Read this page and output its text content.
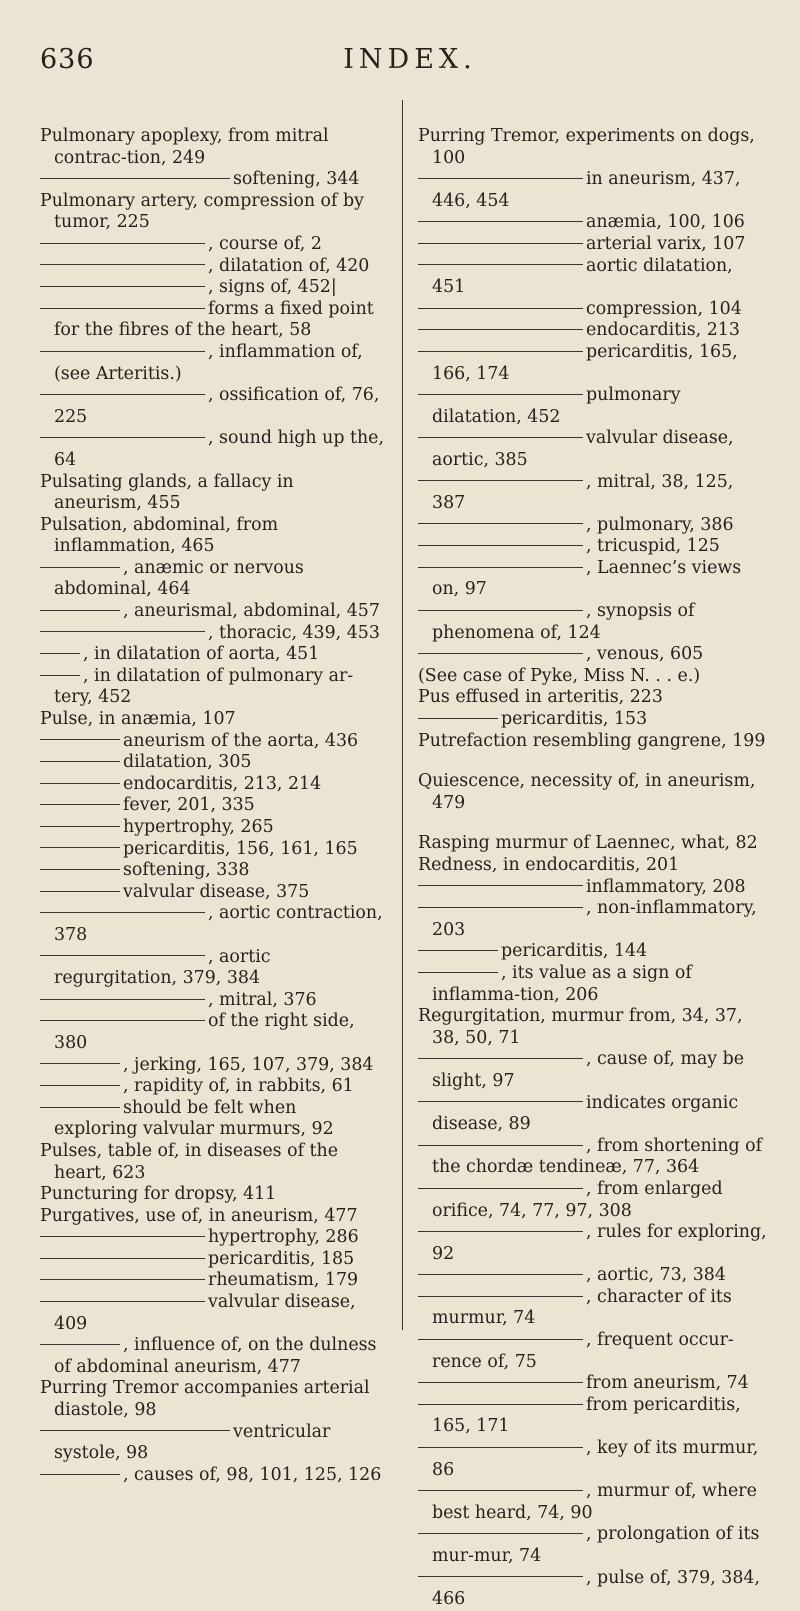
636	INDEX.
Pulmonary apoplexy, from mitral contrac-tion, 249
softening, 344
Pulmonary artery, compression of by tumor, 225
, course of, 2
, dilatation of, 420
, signs of, 452|
forms a fixed point for the fibres of the heart, 58
, inflammation of, (see Arteritis.)
, ossification of, 76, 225
, sound high up the, 64
Pulsating glands, a fallacy in aneurism, 455
Pulsation, abdominal, from inflammation, 465
, anæmic or nervous abdominal, 464
, aneurismal, abdominal, 457
, thoracic, 439, 453
, in dilatation of aorta, 451
, in dilatation of pulmonary ar-tery, 452
Pulse, in anæmia, 107
aneurism of the aorta, 436
dilatation, 305
endocarditis, 213, 214
fever, 201, 335
hypertrophy, 265
pericarditis, 156, 161, 165
softening, 338
valvular disease, 375
, aortic contraction, 378
, aortic regurgitation, 379, 384
, mitral, 376
of the right side, 380
, jerking, 165, 107, 379, 384
, rapidity of, in rabbits, 61
should be felt when exploring valvular murmurs, 92
Pulses, table of, in diseases of the heart, 623
Puncturing for dropsy, 411
Purgatives, use of, in aneurism, 477
hypertrophy, 286
pericarditis, 185
rheumatism, 179
valvular disease, 409
, influence of, on the dulness of abdominal aneurism, 477
Purring Tremor accompanies arterial diastole, 98
ventricular systole, 98
, causes of, 98, 101, 125, 126
Purring Tremor, experiments on dogs, 100
in aneurism, 437, 446, 454
anæmia, 100, 106
arterial varix, 107
aortic dilatation, 451
compression, 104
endocarditis, 213
pericarditis, 165, 166, 174
pulmonary dilatation, 452
valvular disease, aortic, 385
, mitral, 38, 125, 387
, pulmonary, 386
, tricuspid, 125
, Laennec’s views on, 97
, synopsis of phenomena of, 124
, venous, 605
(See case of Pyke, Miss N. . . e.)
Pus effused in arteritis, 223
pericarditis, 153
Putrefaction resembling gangrene, 199
Quiescence, necessity of, in aneurism, 479
Rasping murmur of Laennec, what, 82
Redness, in endocarditis, 201
inflammatory, 208
, non-inflammatory, 203
pericarditis, 144
, its value as a sign of inflamma-tion, 206
Regurgitation, murmur from, 34, 37, 38, 50, 71
, cause of, may be slight, 97
indicates organic disease, 89
, from shortening of the chordæ tendineæ, 77, 364
, from enlarged orifice, 74, 77, 97, 308
, rules for exploring, 92
, aortic, 73, 384
, character of its murmur, 74
, frequent occur-rence of, 75
from aneurism, 74
from pericarditis, 165, 171
, key of its murmur, 86
, murmur of, where best heard, 74, 90
, prolongation of its mur-mur, 74
, pulse of, 379, 384, 466
